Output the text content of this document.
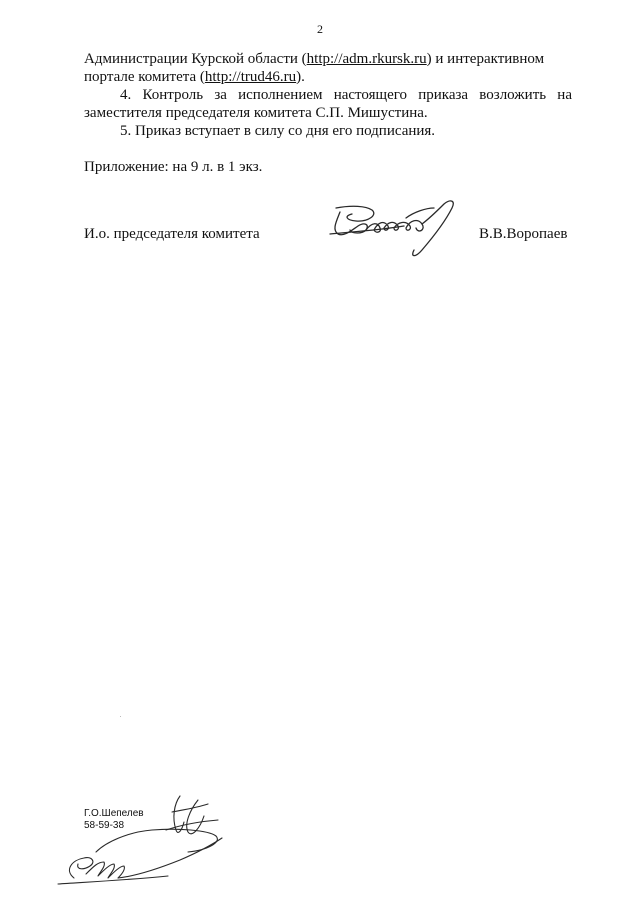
2

Администрации Курской области (http://adm.rkursk.ru) и интерактивном

портале комитета (http://trud46.ru).

4. Контроль за исполнением настоящего приказа возложить на заместителя председателя комитета С.П. Мишустина.

5. Приказ вступает в силу со дня его подписания.

Приложение: на 9 л. в 1 экз.
И.о. председателя комитета	В.В.Воропаев
Г.О.Шепелев
58-59-38
